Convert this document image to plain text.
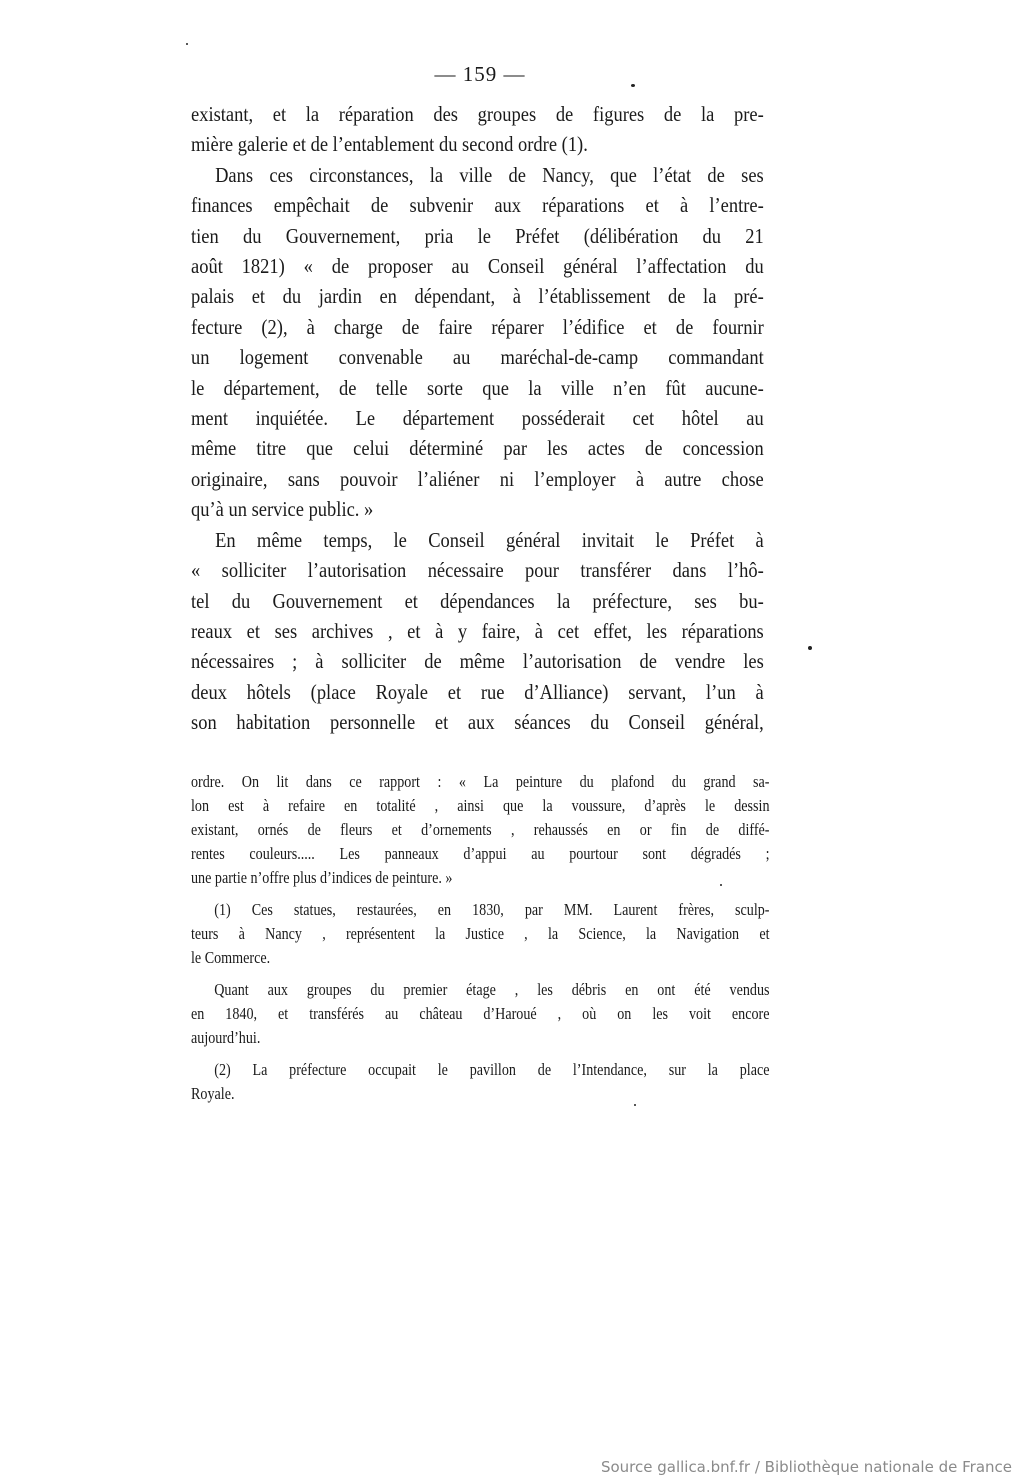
— 159 —
existant, et la réparation des groupes de figures de la pre-
mière galerie et de l’entablement du second ordre (1).
Dans ces circonstances, la ville de Nancy, que l’état de ses
finances empêchait de subvenir aux réparations et à l’entre-
tien du Gouvernement, pria le Préfet (délibération du 21
août 1821) « de proposer au Conseil général l’affectation du
palais et du jardin en dépendant, à l’établissement de la pré-
fecture (2), à charge de faire réparer l’édifice et de fournir
un logement convenable au maréchal-de-camp commandant
le département, de telle sorte que la ville n’en fût aucune-
ment inquiétée. Le département posséderait cet hôtel au
même titre que celui déterminé par les actes de concession
originaire, sans pouvoir l’aliéner ni l’employer à autre chose
qu’à un service public. »
En même temps, le Conseil général invitait le Préfet à
« solliciter l’autorisation nécessaire pour transférer dans l’hô-
tel du Gouvernement et dépendances la préfecture, ses bu-
reaux et ses archives , et à y faire, à cet effet, les réparations
nécessaires ; à solliciter de même l’autorisation de vendre les
deux hôtels (place Royale et rue d’Alliance) servant, l’un à
son habitation personnelle et aux séances du Conseil général,
ordre. On lit dans ce rapport : « La peinture du plafond du grand sa-
lon est à refaire en totalité , ainsi que la voussure, d’après le dessin
existant, ornés de fleurs et d’ornements , rehaussés en or fin de diffé-
rentes couleurs..... Les panneaux d’appui au pourtour sont dégradés ;
une partie n’offre plus d’indices de peinture. »
(1) Ces statues, restaurées, en 1830, par MM. Laurent frères, sculp-
teurs à Nancy , représentent la Justice , la Science, la Navigation et
le Commerce.
Quant aux groupes du premier étage , les débris en ont été vendus
en 1840, et transférés au château d’Haroué , où on les voit encore
aujourd’hui.
(2) La préfecture occupait le pavillon de l’Intendance, sur la place
Royale.
Source gallica.bnf.fr / Bibliothèque nationale de France
